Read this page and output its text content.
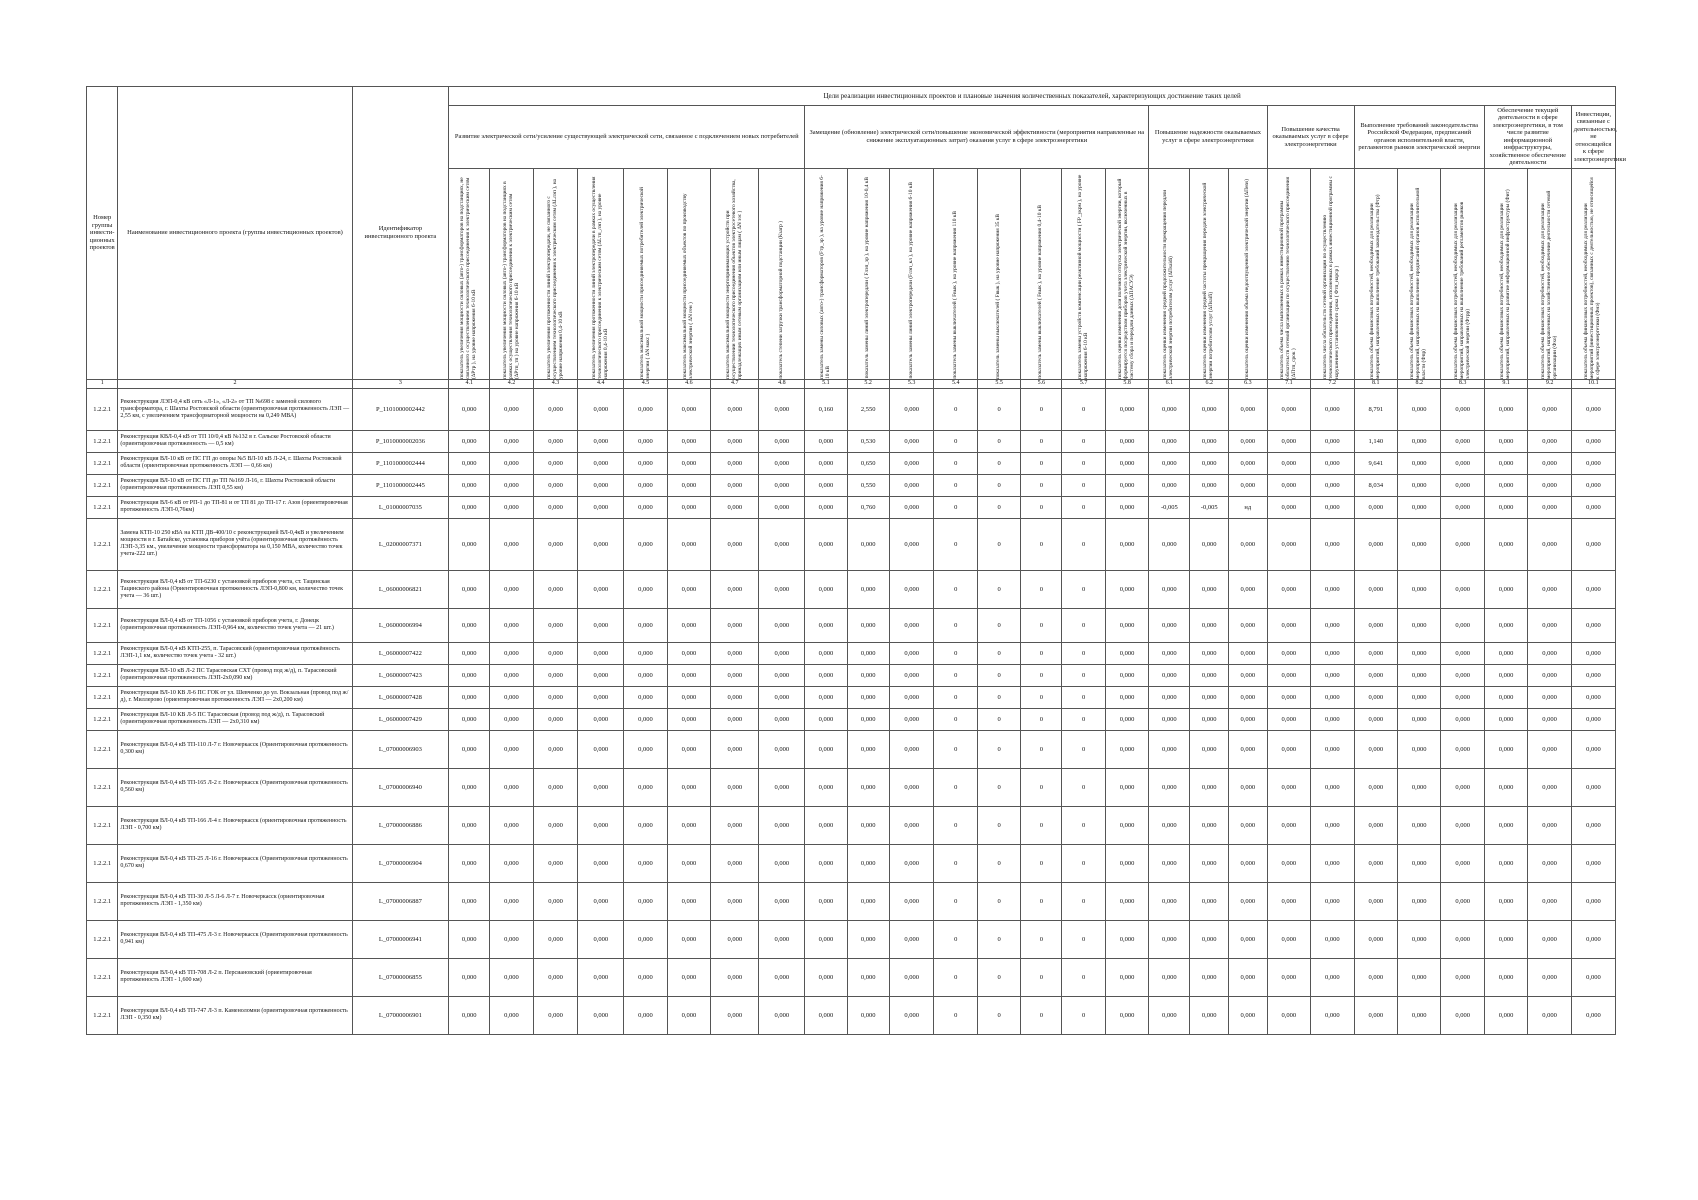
Номер группы инвести-ционных проектов	Наименование инвестиционного проекта (группы инвестиционных проектов)	Идентификатор инвестиционного проекта	Цели реализации инвестиционных проектов и плановые значения количественных показателей, характеризующих достижение таких целей																										
			Развитие электрической сети/усиление существующей электрической сети, связанное с подключением новых потребителей								Замещение (обновление) электрической сети/повышение экономической эффективности (мероприятия направленные на снижение эксплуатационных затрат) оказания услуг в сфере электроэнергетики								Повышение надежности оказываемых услуг в сфере электроэнергетики			Повышение качества оказываемых услуг в сфере электроэнергетики		Выполнение требований законодательства Российской Федерации, предписаний органов исполнительной власти, регламентов рынков электрической энергии			Обеспечение текущей деятельности в сфере электроэнергетики, в том числе развитие информационной инфраструктуры, хозяйственное обеспечение деятельности		Инвестиции, связанные с деятельностью, не относящейся к сфере электроэнергетики

			показатель увеличения мощности силовых (авто-) трансформаторов на подстанциях, не связанного с осуществлением технологического присоединения к электрическим сетям (ΔPтр ), на уровне напряжения 6-10 кВ	показатель увеличения мощности силовых (авто-) трансформаторов на подстанциях в рамках осуществления технологического присоединения к электрическим сетям (ΔPтп_тп ) на уровне напряжения 6-10 кВ	показатель увеличения протяженности линий электропередачи, не связанного с осуществлением технологического присоединения к электрическим сетям (ΔLлэп ), на уровне напряжения 0,4-10 кВ	показатель увеличения протяженности линий электропередачи в рамках осуществления технологического присоединения к электрическим сетям (ΔLтп_лэп ), на уровне напряжения 0,4-10 кВ	показатель максимальной мощности присоединяемых потребителей электрической энергии ( ΔN макс )	показатель максимальной мощности присоединяемых объектов по производству электрической энергии ( ΔN ген )	показатель максимальной мощности энергопринимающих устройств при осуществлении технологического присоединения объектов электросетевого хозяйства, принадлежащих иным сетевым организациям или иным лицам ( ΔN ээс )	показатель степени загрузки трансформаторной подстанции (Кзагр )	показатель замены силовых (авто-) трансформаторов (Fтр_зр ), на уровне напряжения 6-10 кВ	показатель замены линий электропередачи ( Fлэп_зр ), на уровне напряжения 10-0,4 кВ	показатель замены линий электропередачи (Fлэп_кл ), на уровне напряжения 6-10 кВ	показатель замены выключателей ( Fвык ), на уровне напряжения 110 кВ	показатель замены выключателей ( Fвык ), на уровне напряжения 35 кВ	показатель замены выключателей ( Fвык ), на уровне напряжения 0,4-10 кВ	показатель замены устройств компенсации реактивной мощности ( FР_укрм ), на уровне напряжения 6-10 кВ	показатель оценки изменения доли полезного отпуска электрической энергии, который формируется посредством приборов учета электрической энергии, включенных в систему сбора и передачи данных (ΔПАСУЭ)	показатель оценки изменения средней продолжительности прекращения передачи электрической энергии потребителям услуг (ΔПsaidi)	показатель оценки изменения средней частоты прекращения передачи электрической энергии потребителям услуг (ΔПsaifi)	показатель оценки изменения объема недоотпущенной электрической энергии (ΔПens)	показатель объема числа выполненных в рамках инвестиционной программы обязательств сетевой организации по осуществлению технологического присоединения (ΔПтп_срок )	показатель числа обязательств сетевой организации по осуществлению технологического присоединения, исполненных в рамках инвестиционной программы с нарушением установленного срока ( Фтп_нарср )	показатель объема финансовых потребностей, необходимых для реализации мероприятий, направленных на выполнение требований законодательства (Фтр)	показатель объема финансовых потребностей, необходимых для реализации мероприятий, направленных на выполнение предписаний органов исполнительной власти (Фпр)	показатель объема финансовых потребностей, необходимых для реализации мероприятий, направленных на выполнение требований регламентов рынков электрической энергии (Фтрр)	показатель объема финансовых потребностей, необходимых для реализации мероприятий, направленных на развитие информационной инфраструктуры (Фит)	показатель объема финансовых потребностей, необходимых для реализации мероприятий, направленных на хозяйственное обеспечение деятельности сетевой организации (Фхо)	показатель объема финансовых потребностей, необходимых для реализации мероприятий (инвестиционных проектов), связанных с деятельностью, не относящейся к сфере электроэнергетики (Фнэ)

1	2	3	4.1	4.2	4.3	4.4	4.5	4.6	4.7	4.8	5.1	5.2	5.3	5.4	5.5	5.6	5.7	5.8	6.1	6.2	6.3	7.1	7.2	8.1	8.2	8.3	9.1	9.2	10.1
1.2.2.1	Реконструкция ЛЭП-0,4 кВ сеть «Л-1», «Л-2» от ТП №698 с заменой силового трансформатора, г. Шахты Ростовской области (ориентировочная протяженность ЛЭП — 2,55 км, с увеличением трансформаторной мощности на 0,249 МВА)	P_1101000002442	0,000	0,000	0,000	0,000	0,000	0,000	0,000	0,000	0,160	2,550	0,000	0	0	0	0	0,000	0,000	0,000	0,000	0,000	0,000	8,791	0,000	0,000	0,000	0,000	0,000
1.2.2.1	Реконструкция КВЛ-0,4 кВ от ТП 10/0,4 кВ №132 в г. Сальске Ростовской области (ориентировочная протяженность — 0,5 км)	P_1010000002036	0,000	0,000	0,000	0,000	0,000	0,000	0,000	0,000	0,000	0,530	0,000	0	0	0	0	0,000	0,000	0,000	0,000	0,000	0,000	1,140	0,000	0,000	0,000	0,000	0,000
1.2.2.1	Реконструкция ВЛ-10 кВ от ПС ГП до опоры №5 ВЛ-10 кВ Л-24, г. Шахты Ростовской области (ориентировочная протяженность ЛЭП — 0,66 км)	P_1101000002444	0,000	0,000	0,000	0,000	0,000	0,000	0,000	0,000	0,000	0,650	0,000	0	0	0	0	0,000	0,000	0,000	0,000	0,000	0,000	9,641	0,000	0,000	0,000	0,000	0,000
1.2.2.1	Реконструкция ВЛ-10 кВ от ПС ГП до ТП №169 Л-16, г. Шахты Ростовской области (ориентировочная протяженность ЛЭП 0,55 км)	P_1101000002445	0,000	0,000	0,000	0,000	0,000	0,000	0,000	0,000	0,000	0,550	0,000	0	0	0	0	0,000	0,000	0,000	0,000	0,000	0,000	8,034	0,000	0,000	0,000	0,000	0,000
1.2.2.1	Реконструкция ВЛ-6 кВ от РП-1 до ТП-81 и от ТП 81 до ТП-17 г. Азов (ориентировочная протяженность ЛЭП-0,76км)	L_01000007035	0,000	0,000	0,000	0,000	0,000	0,000	0,000	0,000	0,000	0,760	0,000	0	0	0	0	0,000	-0,005	-0,005	нд	0,000	0,000	0,000	0,000	0,000	0,000	0,000	0,000
1.2.2.1	Замена КТП-10 250 кВА на КТП ДВ-400/10 с реконструкцией ВЛ-0,4кВ и увеличением мощности в г. Батайске, установка приборов учёта (ориентировочная протяжённость ЛЭП-3,35 км., увеличение мощности трансформатора на 0,150 МВА, количество точек учета-222 шт.)	L_02000007371	0,000	0,000	0,000	0,000	0,000	0,000	0,000	0,000	0,000	0,000	0,000	0	0	0	0	0,000	0,000	0,000	0,000	0,000	0,000	0,000	0,000	0,000	0,000	0,000	0,000
1.2.2.1	Реконструкция ВЛ-0,4 кВ от ТП-6230 с установкой приборов учета, ст. Тацинская Тацинского района (Ориентировочная протяженность ЛЭП-0,800 км, количество точек учета — 36 шт.)	L_06000006821	0,000	0,000	0,000	0,000	0,000	0,000	0,000	0,000	0,000	0,000	0,000	0	0	0	0	0,000	0,000	0,000	0,000	0,000	0,000	0,000	0,000	0,000	0,000	0,000	0,000
1.2.2.1	Реконструкция ВЛ-0,4 кВ от ТП-1056 с установкой приборов учета, г. Донецк (ориентировочная протяженность ЛЭП-0,964 км, количество точек учета — 21 шт.)	L_06000006994	0,000	0,000	0,000	0,000	0,000	0,000	0,000	0,000	0,000	0,000	0,000	0	0	0	0	0,000	0,000	0,000	0,000	0,000	0,000	0,000	0,000	0,000	0,000	0,000	0,000
1.2.2.1	Реконструкция ВЛ-0,4 кВ КТП-255, п. Тарасовский (ориентировочная протяжённость ЛЭП-1,1 км, количество точек учета - 32 шт.)	L_06000007422	0,000	0,000	0,000	0,000	0,000	0,000	0,000	0,000	0,000	0,000	0,000	0	0	0	0	0,000	0,000	0,000	0,000	0,000	0,000	0,000	0,000	0,000	0,000	0,000	0,000
1.2.2.1	Реконструкция ВЛ-10 кВ Л-2 ПС Тарасовская СХТ (провод под ж/д), п. Тарасовский (ориентировочная протяженность ЛЭП-2х0,090 км)	L_06000007423	0,000	0,000	0,000	0,000	0,000	0,000	0,000	0,000	0,000	0,000	0,000	0	0	0	0	0,000	0,000	0,000	0,000	0,000	0,000	0,000	0,000	0,000	0,000	0,000	0,000
1.2.2.1	Реконструкция ВЛ-10 КВ Л-6 ПС ГОК от ул. Шевченко до ул. Вокзальная (провод под ж/д), г. Миллерово (ориентировочная протяженность ЛЭП — 2х0,200 км)	L_06000007428	0,000	0,000	0,000	0,000	0,000	0,000	0,000	0,000	0,000	0,000	0,000	0	0	0	0	0,000	0,000	0,000	0,000	0,000	0,000	0,000	0,000	0,000	0,000	0,000	0,000
1.2.2.1	Реконструкция ВЛ-10 КВ Л-5 ПС Тарасовская (провод под ж/д), п. Тарасовский (ориентировочная протяженность ЛЭП — 2х0,310 км)	L_06000007429	0,000	0,000	0,000	0,000	0,000	0,000	0,000	0,000	0,000	0,000	0,000	0	0	0	0	0,000	0,000	0,000	0,000	0,000	0,000	0,000	0,000	0,000	0,000	0,000	0,000
1.2.2.1	Реконструкция ВЛ-0,4 кВ ТП-110 Л-7 г. Новочеркасск (Ориентировочная протяженность 0,300 км)	L_07000006903	0,000	0,000	0,000	0,000	0,000	0,000	0,000	0,000	0,000	0,000	0,000	0	0	0	0	0,000	0,000	0,000	0,000	0,000	0,000	0,000	0,000	0,000	0,000	0,000	0,000
1.2.2.1	Реконструкция ВЛ-0,4 кВ ТП-165 Л-2 г. Новочеркасск (Ориентировочная протяженность 0,560 км)	L_07000006940	0,000	0,000	0,000	0,000	0,000	0,000	0,000	0,000	0,000	0,000	0,000	0	0	0	0	0,000	0,000	0,000	0,000	0,000	0,000	0,000	0,000	0,000	0,000	0,000	0,000
1.2.2.1	Реконструкция ВЛ-0,4 кВ ТП-166 Л-4 г. Новочеркасск (ориентировочная протяженность ЛЭП - 0,700 км)	L_07000006886	0,000	0,000	0,000	0,000	0,000	0,000	0,000	0,000	0,000	0,000	0,000	0	0	0	0	0,000	0,000	0,000	0,000	0,000	0,000	0,000	0,000	0,000	0,000	0,000	0,000
1.2.2.1	Реконструкция ВЛ-0,4 кВ ТП-25 Л-16 г. Новочеркасск (Ориентировочная протяженность 0,670 км)	L_07000006904	0,000	0,000	0,000	0,000	0,000	0,000	0,000	0,000	0,000	0,000	0,000	0	0	0	0	0,000	0,000	0,000	0,000	0,000	0,000	0,000	0,000	0,000	0,000	0,000	0,000
1.2.2.1	Реконструкция ВЛ-0,4 кВ ТП-30 Л-5 Л-6 Л-7 г. Новочеркасск (ориентировочная протяженность ЛЭП - 1,350 км)	L_07000006887	0,000	0,000	0,000	0,000	0,000	0,000	0,000	0,000	0,000	0,000	0,000	0	0	0	0	0,000	0,000	0,000	0,000	0,000	0,000	0,000	0,000	0,000	0,000	0,000	0,000
1.2.2.1	Реконструкция ВЛ-0,4 кВ ТП-475 Л-3 г. Новочеркасск (Ориентировочная протяженность 0,941 км)	L_07000006941	0,000	0,000	0,000	0,000	0,000	0,000	0,000	0,000	0,000	0,000	0,000	0	0	0	0	0,000	0,000	0,000	0,000	0,000	0,000	0,000	0,000	0,000	0,000	0,000	0,000
1.2.2.1	Реконструкция ВЛ-0,4 кВ ТП-708 Л-2 п. Персиановский (ориентировочная протяженность ЛЭП - 1,600 км)	L_07000006855	0,000	0,000	0,000	0,000	0,000	0,000	0,000	0,000	0,000	0,000	0,000	0	0	0	0	0,000	0,000	0,000	0,000	0,000	0,000	0,000	0,000	0,000	0,000	0,000	0,000
1.2.2.1	Реконструкция ВЛ-0,4 кВ ТП-747 Л-3 п. Каменоломни (ориентировочная протяженность ЛЭП - 0,350 км)	L_07000006901	0,000	0,000	0,000	0,000	0,000	0,000	0,000	0,000	0,000	0,000	0,000	0	0	0	0	0,000	0,000	0,000	0,000	0,000	0,000	0,000	0,000	0,000	0,000	0,000	0,000
